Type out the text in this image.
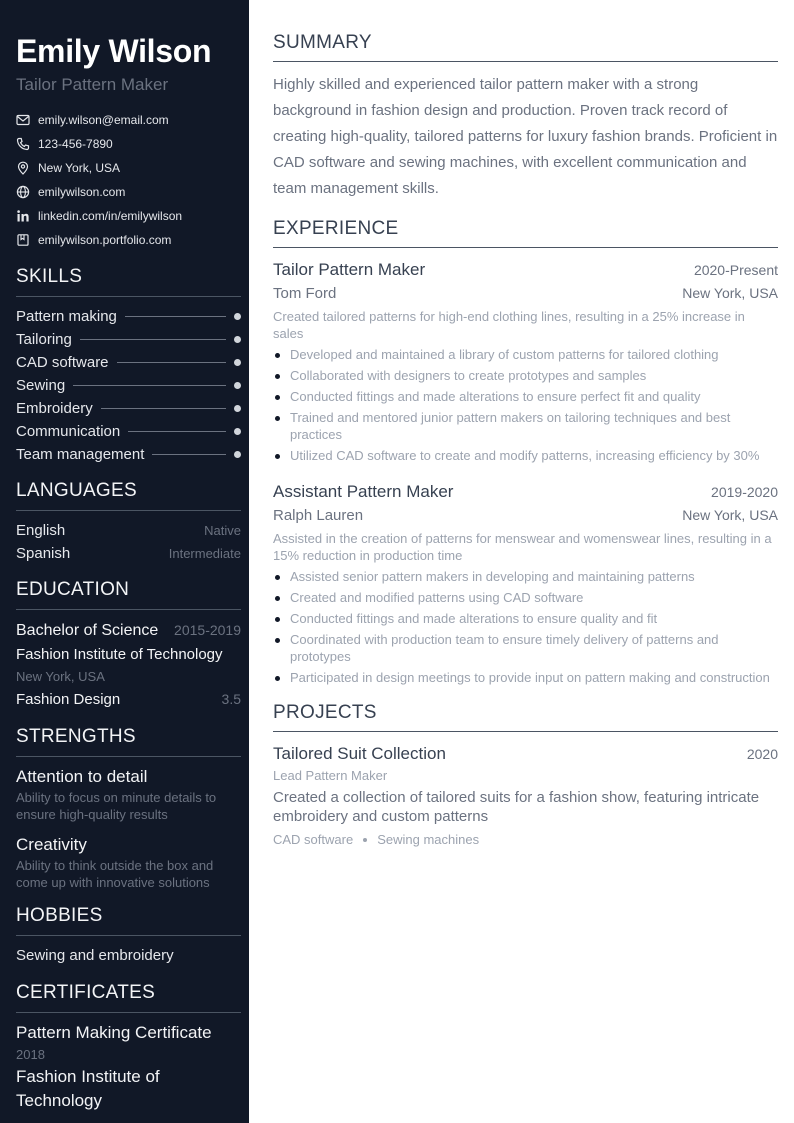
Emily Wilson
Tailor Pattern Maker
emily.wilson@email.com
123-456-7890
New York, USA
emilywilson.com
linkedin.com/in/emilywilson
emilywilson.portfolio.com
SKILLS
Pattern making
Tailoring
CAD software
Sewing
Embroidery
Communication
Team management
LANGUAGES
English	Native
Spanish	Intermediate
EDUCATION
Bachelor of Science 2015-2019
Fashion Institute of Technology
New York, USA
Fashion Design	3.5
STRENGTHS
Attention to detail
Ability to focus on minute details to ensure high-quality results
Creativity
Ability to think outside the box and come up with innovative solutions
HOBBIES
Sewing and embroidery
CERTIFICATES
Pattern Making Certificate
2018
Fashion Institute of Technology
SUMMARY

Highly skilled and experienced tailor pattern maker with a strong background in fashion design and production. Proven track record of creating high-quality, tailored patterns for luxury fashion brands. Proficient in CAD software and sewing machines, with excellent communication and team management skills.

EXPERIENCE
Tailor Pattern Maker	2020-Present
Tom Ford	New York, USA
Created tailored patterns for high-end clothing lines, resulting in a 25% increase in sales
Developed and maintained a library of custom patterns for tailored clothing
Collaborated with designers to create prototypes and samples
Conducted fittings and made alterations to ensure perfect fit and quality
Trained and mentored junior pattern makers on tailoring techniques and best practices
Utilized CAD software to create and modify patterns, increasing efficiency by 30%
Assistant Pattern Maker	2019-2020
Ralph Lauren	New York, USA
Assisted in the creation of patterns for menswear and womenswear lines, resulting in a 15% reduction in production time
Assisted senior pattern makers in developing and maintaining patterns
Created and modified patterns using CAD software
Conducted fittings and made alterations to ensure quality and fit
Coordinated with production team to ensure timely delivery of patterns and prototypes
Participated in design meetings to provide input on pattern making and construction
PROJECTS
Tailored Suit Collection	2020
Lead Pattern Maker
Created a collection of tailored suits for a fashion show, featuring intricate embroidery and custom patterns
CAD software Sewing machines
